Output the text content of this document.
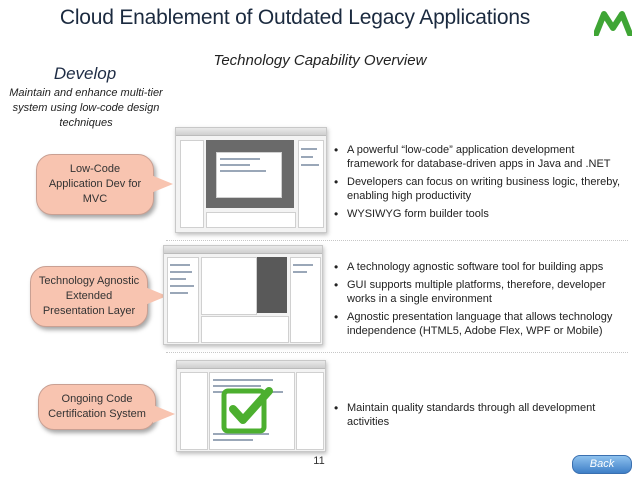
Cloud Enablement of Outdated Legacy Applications
Technology Capability Overview
Develop
Maintain and enhance multi-tier system using low-code design techniques
Low-Code Application Dev for MVC
• A powerful “low-code” application development framework for database-driven apps in Java and .NET
• Developers can focus on writing business logic, thereby, enabling high productivity
• WYSIWYG form builder tools
Technology Agnostic Extended Presentation Layer
• A technology agnostic software tool for building apps
• GUI supports multiple platforms, therefore, developer works in a single environment
• Agnostic presentation language that allows technology independence (HTML5, Adobe Flex, WPF or Mobile)
Ongoing Code Certification System
•	Maintain quality standards through all development activities
11	Back
